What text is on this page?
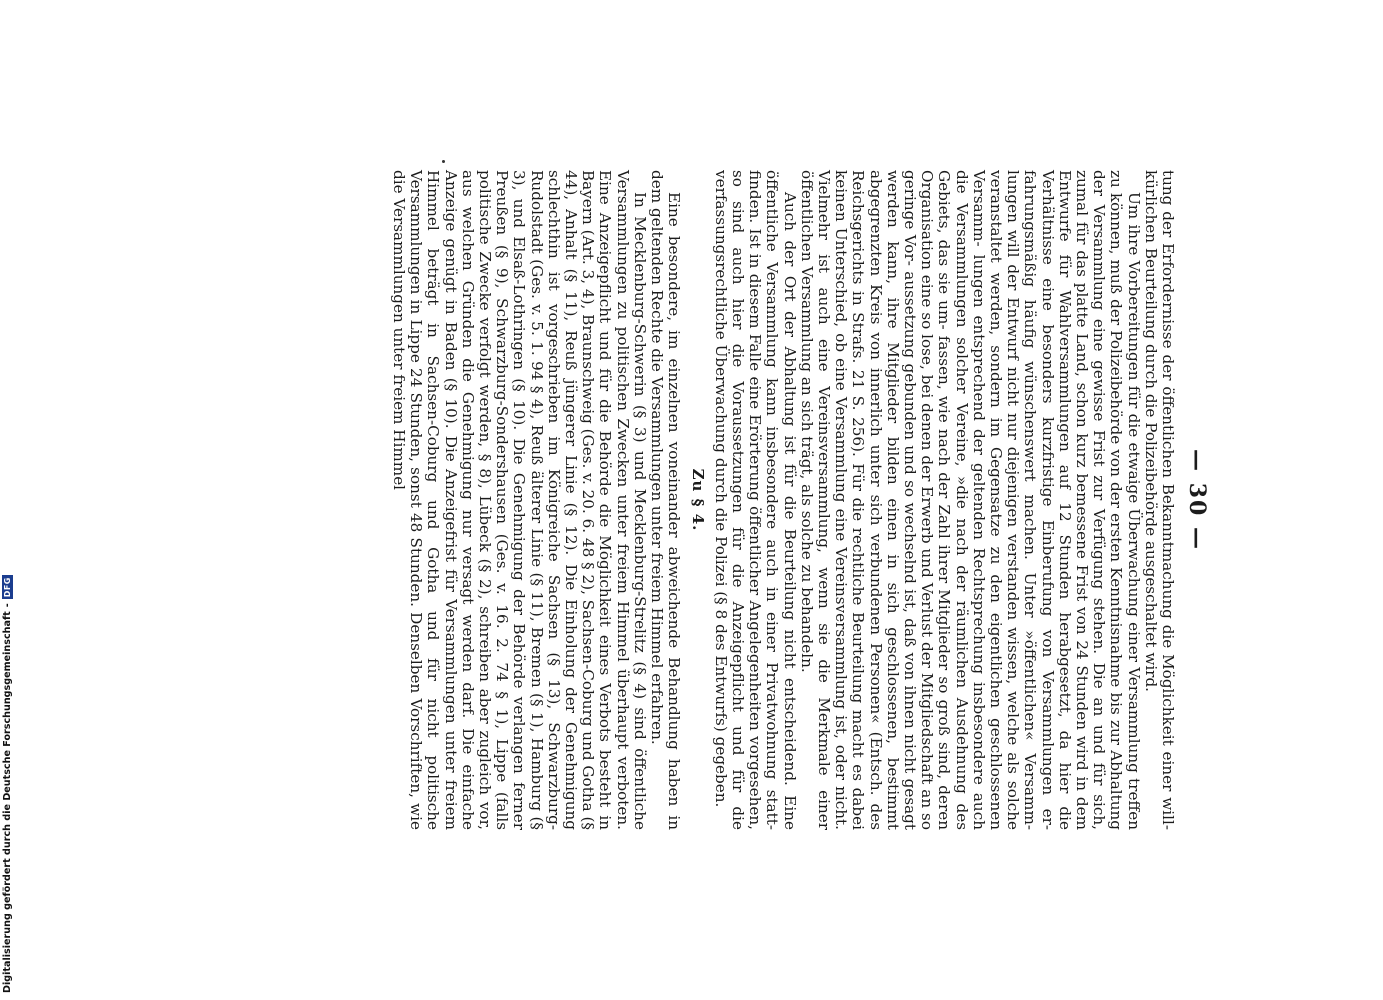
— 30 —

tung der Erfordernisse der öffentlichen Bekanntmachung die Möglichkeit einer will- kürlichen Beurteilung durch die Polizeibehörde ausgeschaltet wird.

Um ihre Vorbereitungen für die etwaige Überwachung einer Versammlung treffen zu können, muß der Polizeibehörde von der ersten Kenntnisnahme bis zur Abhaltung der Versammlung eine gewisse Frist zur Verfügung stehen. Die an und für sich, zumal für das platte Land, schon kurz bemessene Frist von 24 Stunden wird in dem Entwurfe für Wahlversammlungen auf 12 Stunden herabgesetzt, da hier die Verhältnisse eine besonders kurzfristige Einberufung von Versammlungen er- fahrungsmäßig häufig wünschenswert machen. Unter »öffentlichen« Versamm- lungen will der Entwurf nicht nur diejenigen verstanden wissen, welche als solche veranstaltet werden, sondern im Gegensatze zu den eigentlichen geschlossenen Versamm- lungen entsprechend der geltenden Rechtsprechung insbesondere auch die Versammlungen solcher Vereine, »die nach der räumlichen Ausdehnung des Gebiets, das sie um- fassen, wie nach der Zahl ihrer Mitglieder so groß sind, deren Organisation eine so lose, bei denen der Erwerb und Verlust der Mitgliedschaft an so geringe Vor- aussetzung gebunden und so wechselnd ist, daß von ihnen nicht gesagt werden kann, ihre Mitglieder bilden einen in sich geschlossenen, bestimmt abgegrenzten Kreis von innerlich unter sich verbundenen Personen« (Entsch. des Reichsgerichts in Strafs. 21 S. 256). Für die rechtliche Beurteilung macht es dabei keinen Unterschied, ob eine Versammlung eine Vereinsversammlung ist, oder nicht. Vielmehr ist auch eine Vereinsversammlung, wenn sie die Merkmale einer öffentlichen Versammlung an sich trägt, als solche zu behandeln.

Auch der Ort der Abhaltung ist für die Beurteilung nicht entscheidend. Eine öffentliche Versammlung kann insbesondere auch in einer Privatwohnung statt- finden. Ist in diesem Falle eine Erörterung öffentlicher Angelegenheiten vorgesehen, so sind auch hier die Voraussetzungen für die Anzeigepflicht und für die verfassungsrechtliche Überwachung durch die Polizei (§ 8 des Entwurfs) gegeben.

Zu § 4.

Eine besondere, im einzelnen voneinander abweichende Behandlung haben in dem geltenden Rechte die Versammlungen unter freiem Himmel erfahren.

In Mecklenburg-Schwerin (§ 3) und Mecklenburg-Strelitz (§ 4) sind öffentliche Versammlungen zu politischen Zwecken unter freiem Himmel überhaupt verboten. Eine Anzeigepflicht und für die Behörde die Möglichkeit eines Verbots besteht in Bayern (Art. 3, 4), Braunschweig (Ges. v. 20. 6. 48 § 2), Sachsen-Coburg und Gotha (§ 44), Anhalt (§ 11), Reuß jüngerer Linie (§ 12). Die Einholung der Genehmigung schlechthin ist vorgeschrieben im Königreiche Sachsen (§ 13), Schwarzburg-Rudolstadt (Ges. v. 5. 1. 94 § 4), Reuß älterer Linie (§ 11), Bremen (§ 1), Hamburg (§ 3), und Elsaß-Lothringen (§ 10). Die Genehmigung der Behörde verlangen ferner Preußen (§ 9), Schwarzburg-Sondershausen (Ges. v. 16. 2. 74 § 1), Lippe (falls politische Zwecke verfolgt werden, § 8), Lübeck (§ 2), schreiben aber zugleich vor, aus welchen Gründen die Genehmigung nur versagt werden darf. Die einfache Anzeige genügt in Baden (§ 10). Die Anzeigefrist für Versammlungen unter freiem Himmel beträgt in Sachsen-Coburg und Gotha und für nicht politische Versammlungen in Lippe 24 Stunden, sonst 48 Stunden. Denselben Vorschriften, wie die Versammlungen unter freiem Himmel

Digitalisierung gefördert durch die Deutsche Forschungsgemeinschaft
-
DFG
